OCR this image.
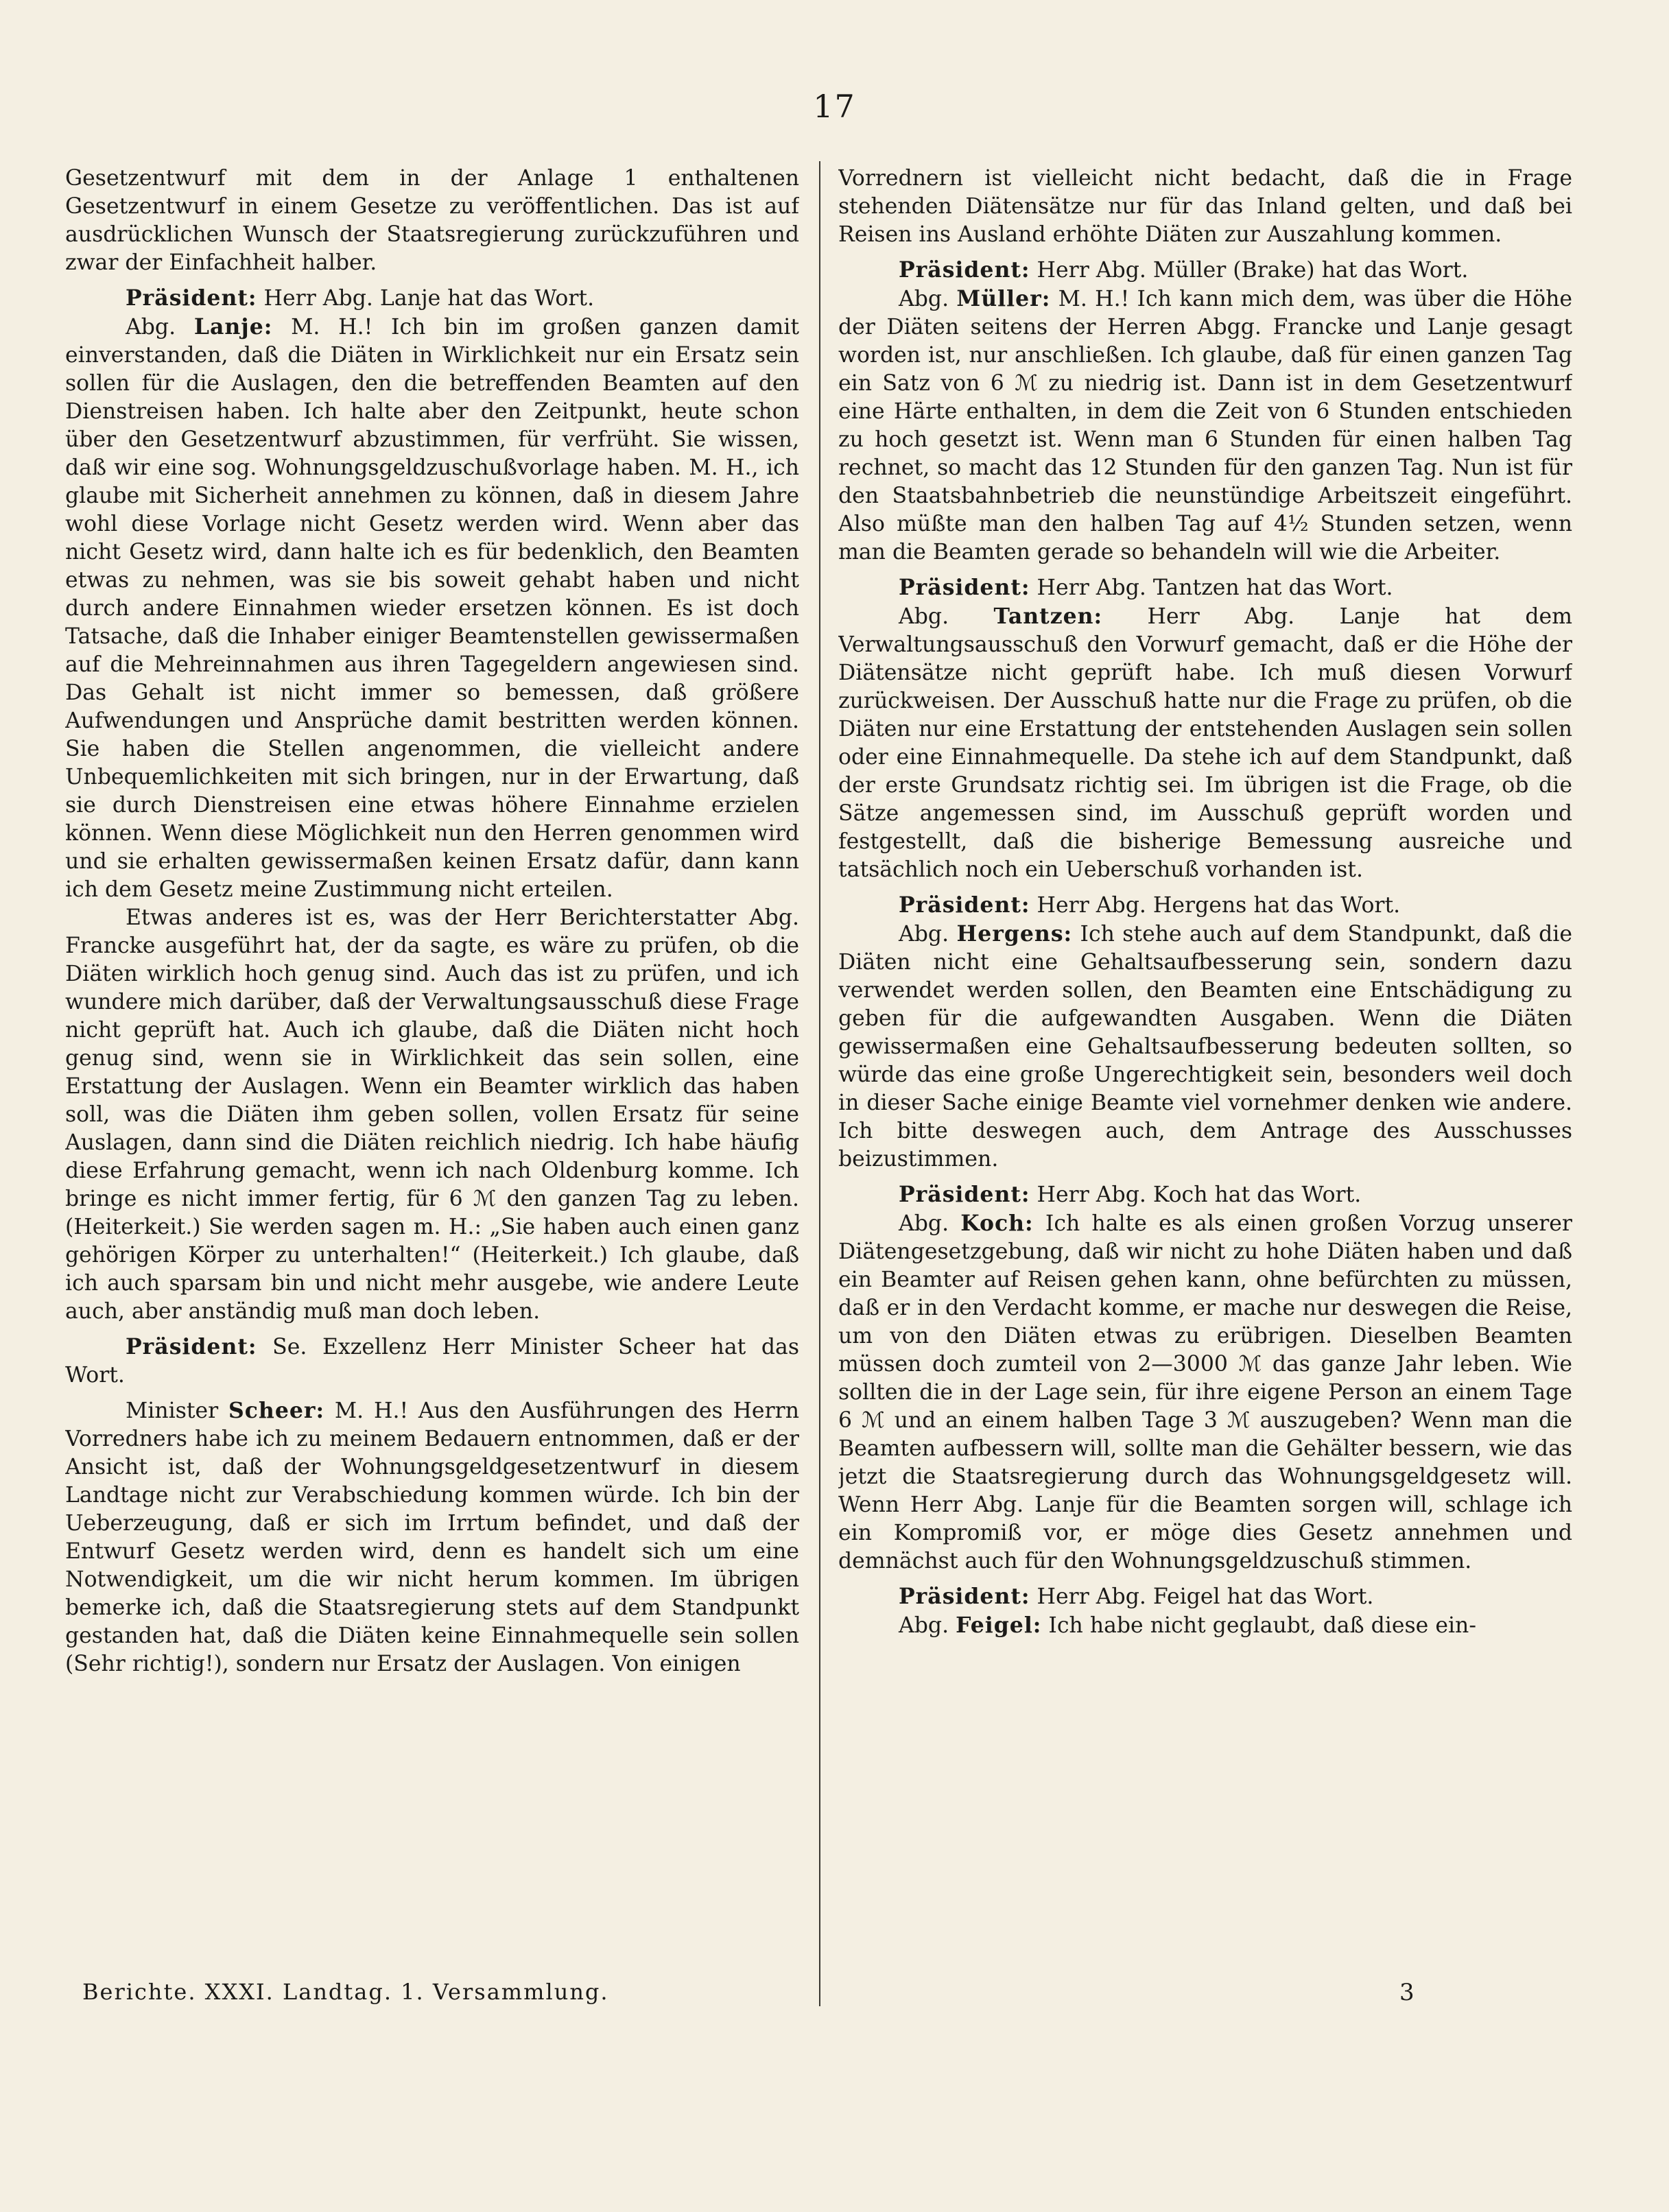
17

Gesetzentwurf mit dem in der Anlage 1 enthaltenen Gesetzentwurf in einem Gesetze zu veröffentlichen. Das ist auf ausdrücklichen Wunsch der Staatsregierung zurückzuführen und zwar der Einfachheit halber.

Präsident: Herr Abg. Lanje hat das Wort.

Abg. Lanje: M. H.! Ich bin im großen ganzen damit einverstanden, daß die Diäten in Wirklichkeit nur ein Ersatz sein sollen für die Auslagen, den die betreffenden Beamten auf den Dienstreisen haben. Ich halte aber den Zeitpunkt, heute schon über den Gesetzentwurf abzustimmen, für verfrüht. Sie wissen, daß wir eine sog. Wohnungsgeldzuschußvorlage haben. M. H., ich glaube mit Sicherheit annehmen zu können, daß in diesem Jahre wohl diese Vorlage nicht Gesetz werden wird. Wenn aber das nicht Gesetz wird, dann halte ich es für bedenklich, den Beamten etwas zu nehmen, was sie bis soweit gehabt haben und nicht durch andere Einnahmen wieder ersetzen können. Es ist doch Tatsache, daß die Inhaber einiger Beamtenstellen gewissermaßen auf die Mehreinnahmen aus ihren Tagegeldern angewiesen sind. Das Gehalt ist nicht immer so bemessen, daß größere Aufwendungen und Ansprüche damit bestritten werden können. Sie haben die Stellen angenommen, die vielleicht andere Unbequemlichkeiten mit sich bringen, nur in der Erwartung, daß sie durch Dienstreisen eine etwas höhere Einnahme erzielen können. Wenn diese Möglichkeit nun den Herren genommen wird und sie erhalten gewissermaßen keinen Ersatz dafür, dann kann ich dem Gesetz meine Zustimmung nicht erteilen.

Etwas anderes ist es, was der Herr Berichterstatter Abg. Francke ausgeführt hat, der da sagte, es wäre zu prüfen, ob die Diäten wirklich hoch genug sind. Auch das ist zu prüfen, und ich wundere mich darüber, daß der Verwaltungsausschuß diese Frage nicht geprüft hat. Auch ich glaube, daß die Diäten nicht hoch genug sind, wenn sie in Wirklichkeit das sein sollen, eine Erstattung der Auslagen. Wenn ein Beamter wirklich das haben soll, was die Diäten ihm geben sollen, vollen Ersatz für seine Auslagen, dann sind die Diäten reichlich niedrig. Ich habe häufig diese Erfahrung gemacht, wenn ich nach Oldenburg komme. Ich bringe es nicht immer fertig, für 6 ℳ den ganzen Tag zu leben. (Heiterkeit.) Sie werden sagen m. H.: „Sie haben auch einen ganz gehörigen Körper zu unterhalten!“ (Heiterkeit.) Ich glaube, daß ich auch sparsam bin und nicht mehr ausgebe, wie andere Leute auch, aber anständig muß man doch leben.

Präsident: Se. Exzellenz Herr Minister Scheer hat das Wort.

Minister Scheer: M. H.! Aus den Ausführungen des Herrn Vorredners habe ich zu meinem Bedauern entnommen, daß er der Ansicht ist, daß der Wohnungsgeldgesetzentwurf in diesem Landtage nicht zur Verabschiedung kommen würde. Ich bin der Ueberzeugung, daß er sich im Irrtum befindet, und daß der Entwurf Gesetz werden wird, denn es handelt sich um eine Notwendigkeit, um die wir nicht herum kommen. Im übrigen bemerke ich, daß die Staatsregierung stets auf dem Standpunkt gestanden hat, daß die Diäten keine Einnahmequelle sein sollen (Sehr richtig!), sondern nur Ersatz der Auslagen. Von einigen

Vorrednern ist vielleicht nicht bedacht, daß die in Frage stehenden Diätensätze nur für das Inland gelten, und daß bei Reisen ins Ausland erhöhte Diäten zur Auszahlung kommen.

Präsident: Herr Abg. Müller (Brake) hat das Wort.

Abg. Müller: M. H.! Ich kann mich dem, was über die Höhe der Diäten seitens der Herren Abgg. Francke und Lanje gesagt worden ist, nur anschließen. Ich glaube, daß für einen ganzen Tag ein Satz von 6 ℳ zu niedrig ist. Dann ist in dem Gesetzentwurf eine Härte enthalten, in dem die Zeit von 6 Stunden entschieden zu hoch gesetzt ist. Wenn man 6 Stunden für einen halben Tag rechnet, so macht das 12 Stunden für den ganzen Tag. Nun ist für den Staatsbahnbetrieb die neunstündige Arbeitszeit eingeführt. Also müßte man den halben Tag auf 4½ Stunden setzen, wenn man die Beamten gerade so behandeln will wie die Arbeiter.

Präsident: Herr Abg. Tantzen hat das Wort.

Abg. Tantzen: Herr Abg. Lanje hat dem Verwaltungsausschuß den Vorwurf gemacht, daß er die Höhe der Diätensätze nicht geprüft habe. Ich muß diesen Vorwurf zurückweisen. Der Ausschuß hatte nur die Frage zu prüfen, ob die Diäten nur eine Erstattung der entstehenden Auslagen sein sollen oder eine Einnahmequelle. Da stehe ich auf dem Standpunkt, daß der erste Grundsatz richtig sei. Im übrigen ist die Frage, ob die Sätze angemessen sind, im Ausschuß geprüft worden und festgestellt, daß die bisherige Bemessung ausreiche und tatsächlich noch ein Ueberschuß vorhanden ist.

Präsident: Herr Abg. Hergens hat das Wort.

Abg. Hergens: Ich stehe auch auf dem Standpunkt, daß die Diäten nicht eine Gehaltsaufbesserung sein, sondern dazu verwendet werden sollen, den Beamten eine Entschädigung zu geben für die aufgewandten Ausgaben. Wenn die Diäten gewissermaßen eine Gehaltsaufbesserung bedeuten sollten, so würde das eine große Ungerechtigkeit sein, besonders weil doch in dieser Sache einige Beamte viel vornehmer denken wie andere. Ich bitte deswegen auch, dem Antrage des Ausschusses beizustimmen.

Präsident: Herr Abg. Koch hat das Wort.

Abg. Koch: Ich halte es als einen großen Vorzug unserer Diätengesetzgebung, daß wir nicht zu hohe Diäten haben und daß ein Beamter auf Reisen gehen kann, ohne befürchten zu müssen, daß er in den Verdacht komme, er mache nur deswegen die Reise, um von den Diäten etwas zu erübrigen. Dieselben Beamten müssen doch zumteil von 2—3000 ℳ das ganze Jahr leben. Wie sollten die in der Lage sein, für ihre eigene Person an einem Tage 6 ℳ und an einem halben Tage 3 ℳ auszugeben? Wenn man die Beamten aufbessern will, sollte man die Gehälter bessern, wie das jetzt die Staatsregierung durch das Wohnungsgeldgesetz will. Wenn Herr Abg. Lanje für die Beamten sorgen will, schlage ich ein Kompromiß vor, er möge dies Gesetz annehmen und demnächst auch für den Wohnungsgeldzuschuß stimmen.

Präsident: Herr Abg. Feigel hat das Wort.

Abg. Feigel: Ich habe nicht geglaubt, daß diese ein-

Berichte. XXXI. Landtag. 1. Versammlung.	3
